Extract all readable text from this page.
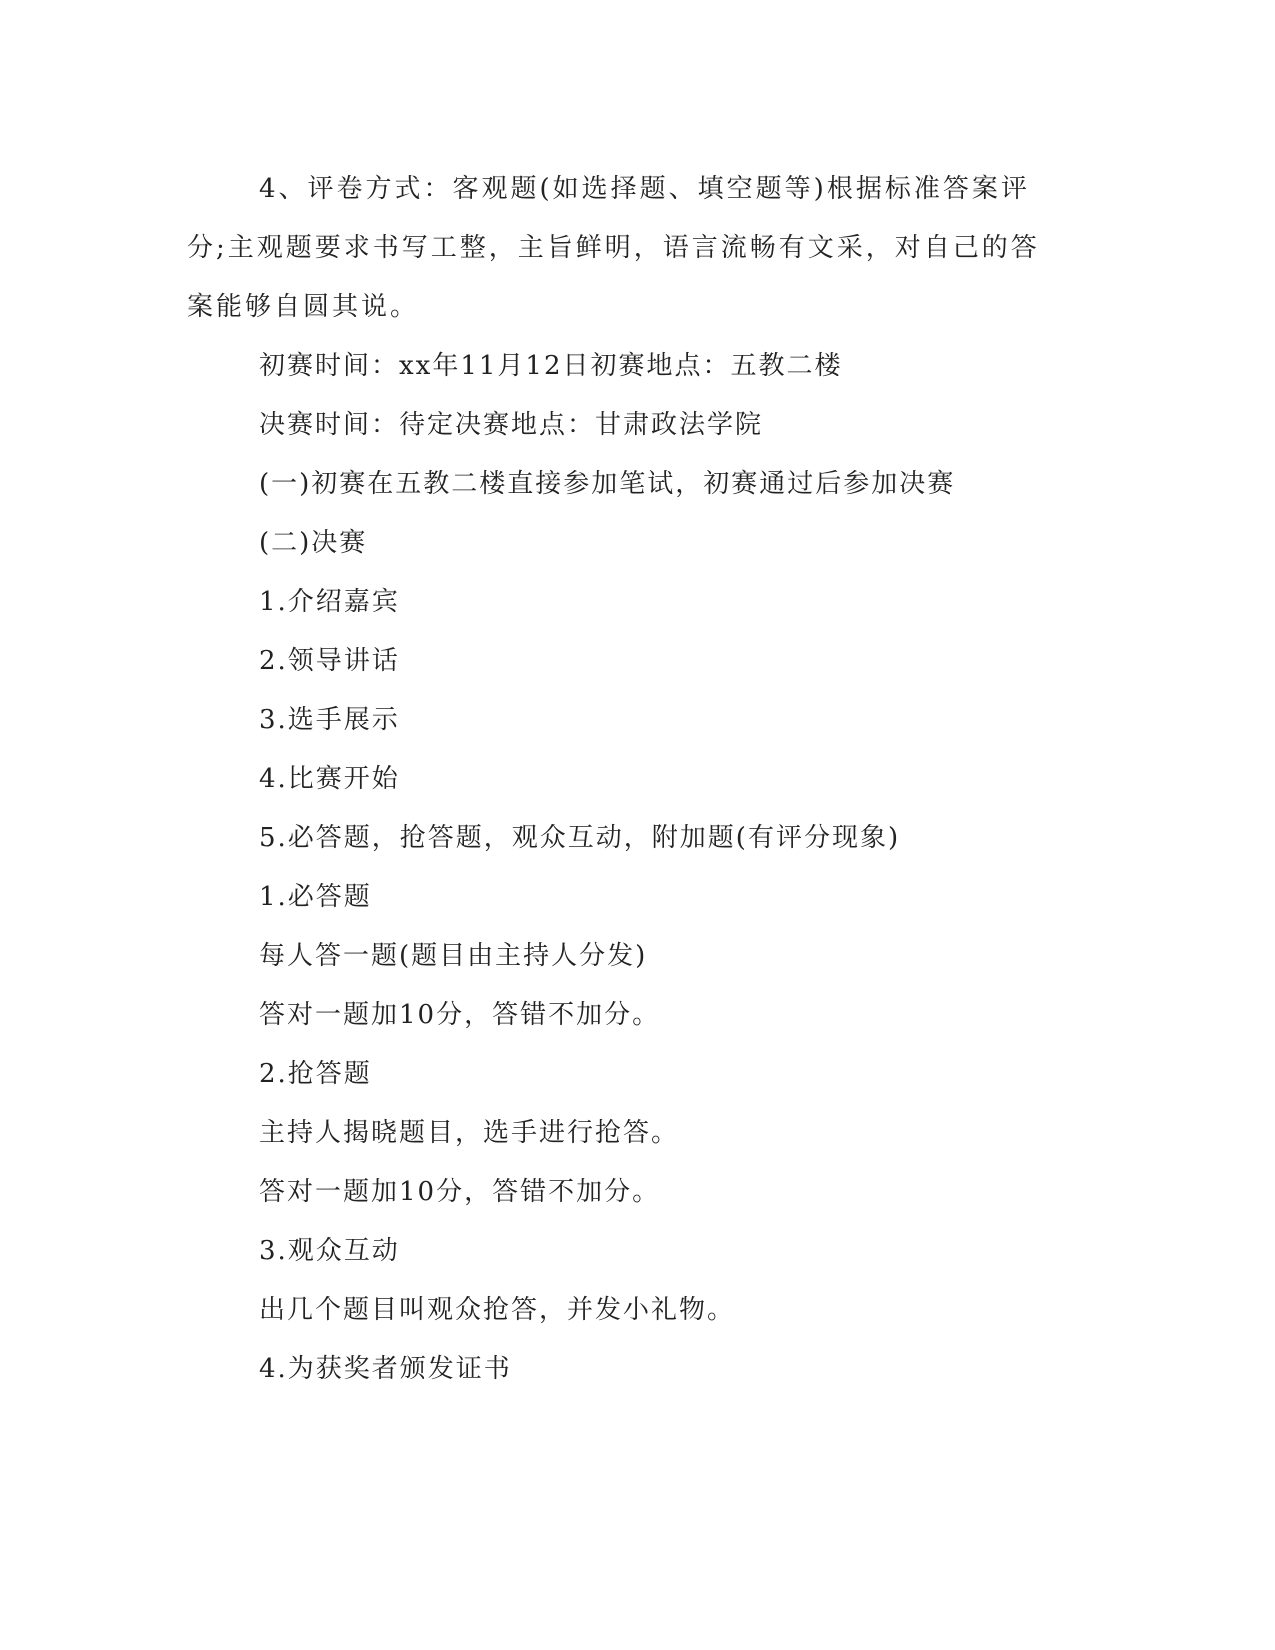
4、评卷方式：客观题(如选择题、填空题等)根据标准答案评分;主观题要求书写工整，主旨鲜明，语言流畅有文采，对自己的答案能够自圆其说。

初赛时间：xx年11月12日初赛地点：五教二楼

决赛时间：待定决赛地点：甘肃政法学院

(一)初赛在五教二楼直接参加笔试，初赛通过后参加决赛

(二)决赛

1.介绍嘉宾

2.领导讲话

3.选手展示

4.比赛开始

5.必答题，抢答题，观众互动，附加题(有评分现象)

1.必答题

每人答一题(题目由主持人分发)

答对一题加10分，答错不加分。

2.抢答题

主持人揭晓题目，选手进行抢答。

答对一题加10分，答错不加分。

3.观众互动

出几个题目叫观众抢答，并发小礼物。

4.为获奖者颁发证书
